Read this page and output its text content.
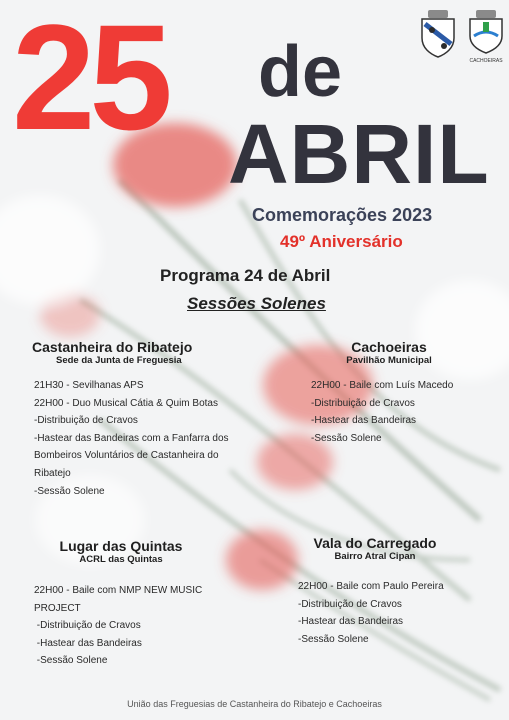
CACHOEIRAS
25 de
ABRIL
Comemorações 2023
49º Aniversário
Programa 24 de Abril
Sessões Solenes
Castanheira do Ribatejo
Sede da Junta de Freguesia
21H30 - Sevilhanas APS
22H00 - Duo Musical Cátia & Quim Botas
-Distribuição de Cravos
-Hastear das Bandeiras com a Fanfarra dos
Bombeiros Voluntários de Castanheira do
Ribatejo
-Sessão Solene
Cachoeiras
Pavilhão Municipal
22H00 - Baile com Luís Macedo
-Distribuição de Cravos
-Hastear das Bandeiras
-Sessão Solene
Lugar das Quintas
ACRL das Quintas
22H00 - Baile com NMP NEW MUSIC
PROJECT
-Distribuição de Cravos
-Hastear das Bandeiras
-Sessão Solene
Vala do Carregado
Bairro Atral Cipan
22H00 - Baile com Paulo Pereira
-Distribuição de Cravos
-Hastear das Bandeiras
-Sessão Solene
União das Freguesias de Castanheira do Ribatejo e Cachoeiras
